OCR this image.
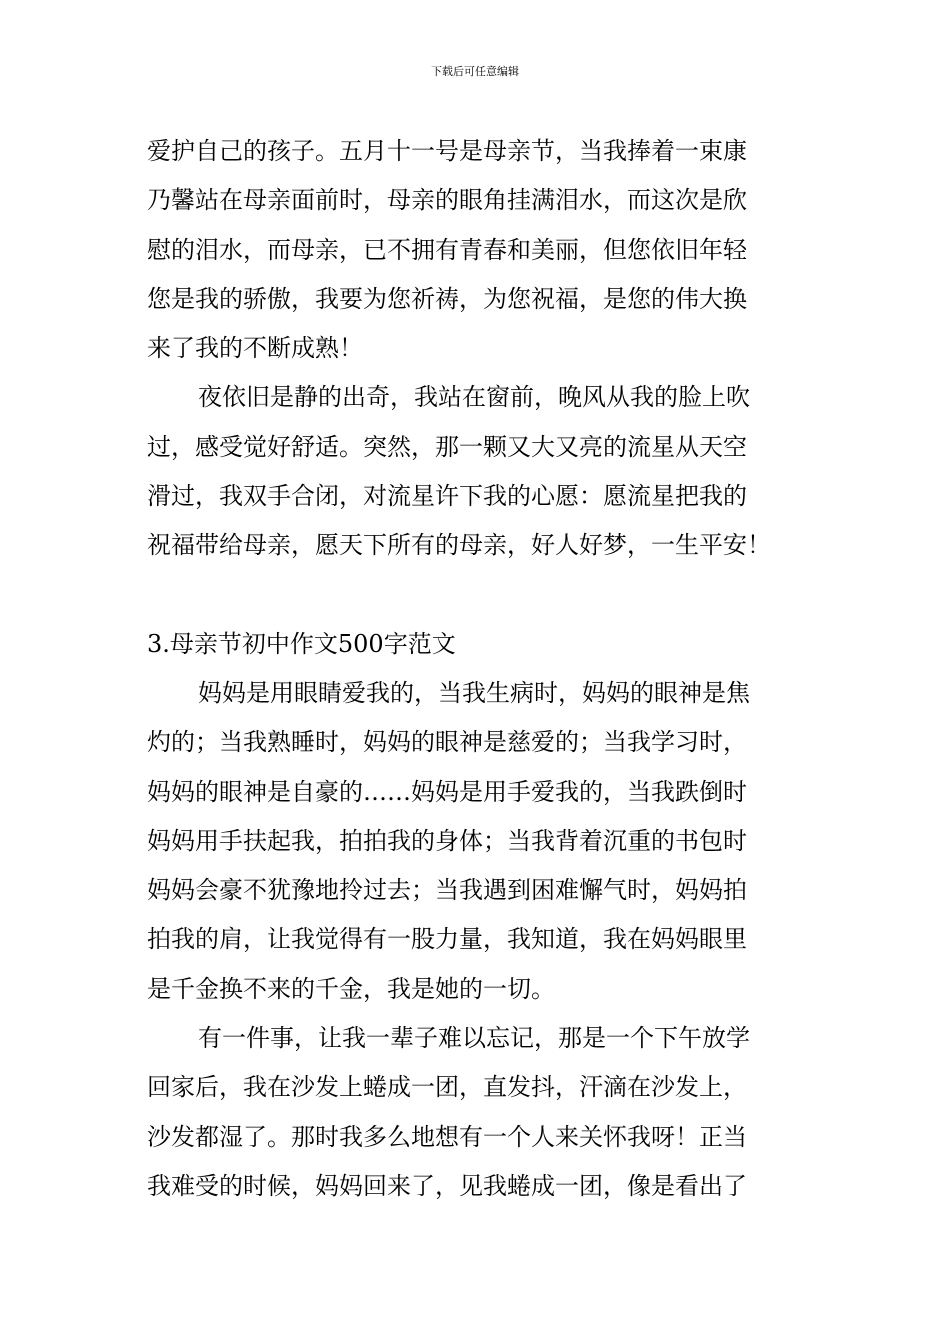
下载后可任意编辑
爱护自己的孩子。五月十一号是母亲节，当我捧着一束康
乃馨站在母亲面前时，母亲的眼角挂满泪水，而这次是欣
慰的泪水，而母亲，已不拥有青春和美丽，但您依旧年轻
您是我的骄傲，我要为您祈祷，为您祝福，是您的伟大换
来了我的不断成熟！
夜依旧是静的出奇，我站在窗前，晚风从我的脸上吹
过，感受觉好舒适。突然，那一颗又大又亮的流星从天空
滑过，我双手合闭，对流星许下我的心愿：愿流星把我的
祝福带给母亲，愿天下所有的母亲，好人好梦，一生平安！
3.母亲节初中作文500字范文
妈妈是用眼睛爱我的，当我生病时，妈妈的眼神是焦
灼的；当我熟睡时，妈妈的眼神是慈爱的；当我学习时，
妈妈的眼神是自豪的……妈妈是用手爱我的，当我跌倒时
妈妈用手扶起我，拍拍我的身体；当我背着沉重的书包时
妈妈会豪不犹豫地拎过去；当我遇到困难懈气时，妈妈拍
拍我的肩，让我觉得有一股力量，我知道，我在妈妈眼里
是千金换不来的千金，我是她的一切。
有一件事，让我一辈子难以忘记，那是一个下午放学
回家后，我在沙发上蜷成一团，直发抖，汗滴在沙发上，
沙发都湿了。那时我多么地想有一个人来关怀我呀！正当
我难受的时候，妈妈回来了，见我蜷成一团，像是看出了
